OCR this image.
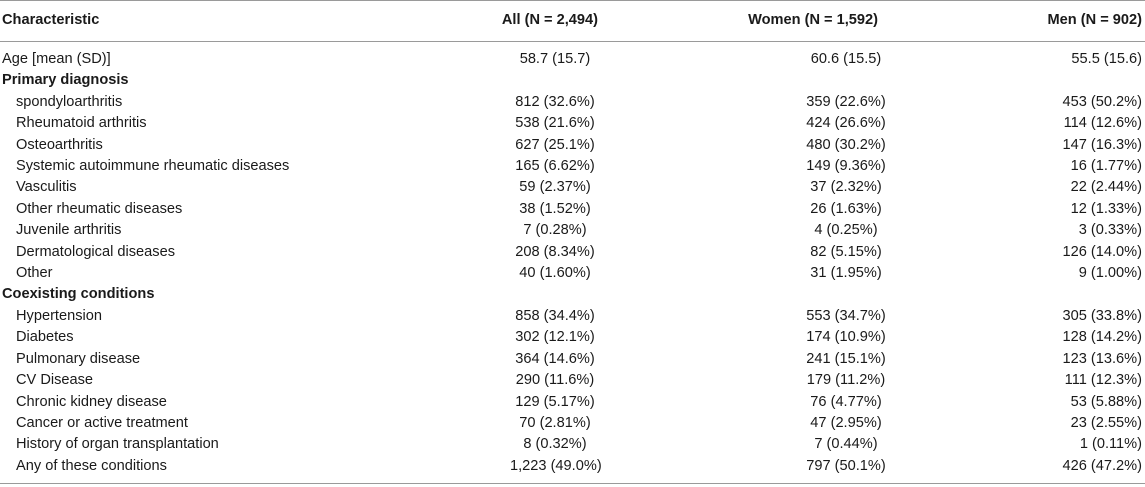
Characteristic	All (N = 2,494)	Women (N = 1,592)	Men (N = 902)
Age [mean (SD)]	58.7 (15.7)	60.6 (15.5)	55.5 (15.6)
Primary diagnosis			
spondyloarthritis	812 (32.6%)	359 (22.6%)	453 (50.2%)
Rheumatoid arthritis	538 (21.6%)	424 (26.6%)	114 (12.6%)
Osteoarthritis	627 (25.1%)	480 (30.2%)	147 (16.3%)
Systemic autoimmune rheumatic diseases	165 (6.62%)	149 (9.36%)	16 (1.77%)
Vasculitis	59 (2.37%)	37 (2.32%)	22 (2.44%)
Other rheumatic diseases	38 (1.52%)	26 (1.63%)	12 (1.33%)
Juvenile arthritis	7 (0.28%)	4 (0.25%)	3 (0.33%)
Dermatological diseases	208 (8.34%)	82 (5.15%)	126 (14.0%)
Other	40 (1.60%)	31 (1.95%)	9 (1.00%)
Coexisting conditions			
Hypertension	858 (34.4%)	553 (34.7%)	305 (33.8%)
Diabetes	302 (12.1%)	174 (10.9%)	128 (14.2%)
Pulmonary disease	364 (14.6%)	241 (15.1%)	123 (13.6%)
CV Disease	290 (11.6%)	179 (11.2%)	111 (12.3%)
Chronic kidney disease	129 (5.17%)	76 (4.77%)	53 (5.88%)
Cancer or active treatment	70 (2.81%)	47 (2.95%)	23 (2.55%)
History of organ transplantation	8 (0.32%)	7 (0.44%)	1 (0.11%)
Any of these conditions	1,223 (49.0%)	797 (50.1%)	426 (47.2%)
